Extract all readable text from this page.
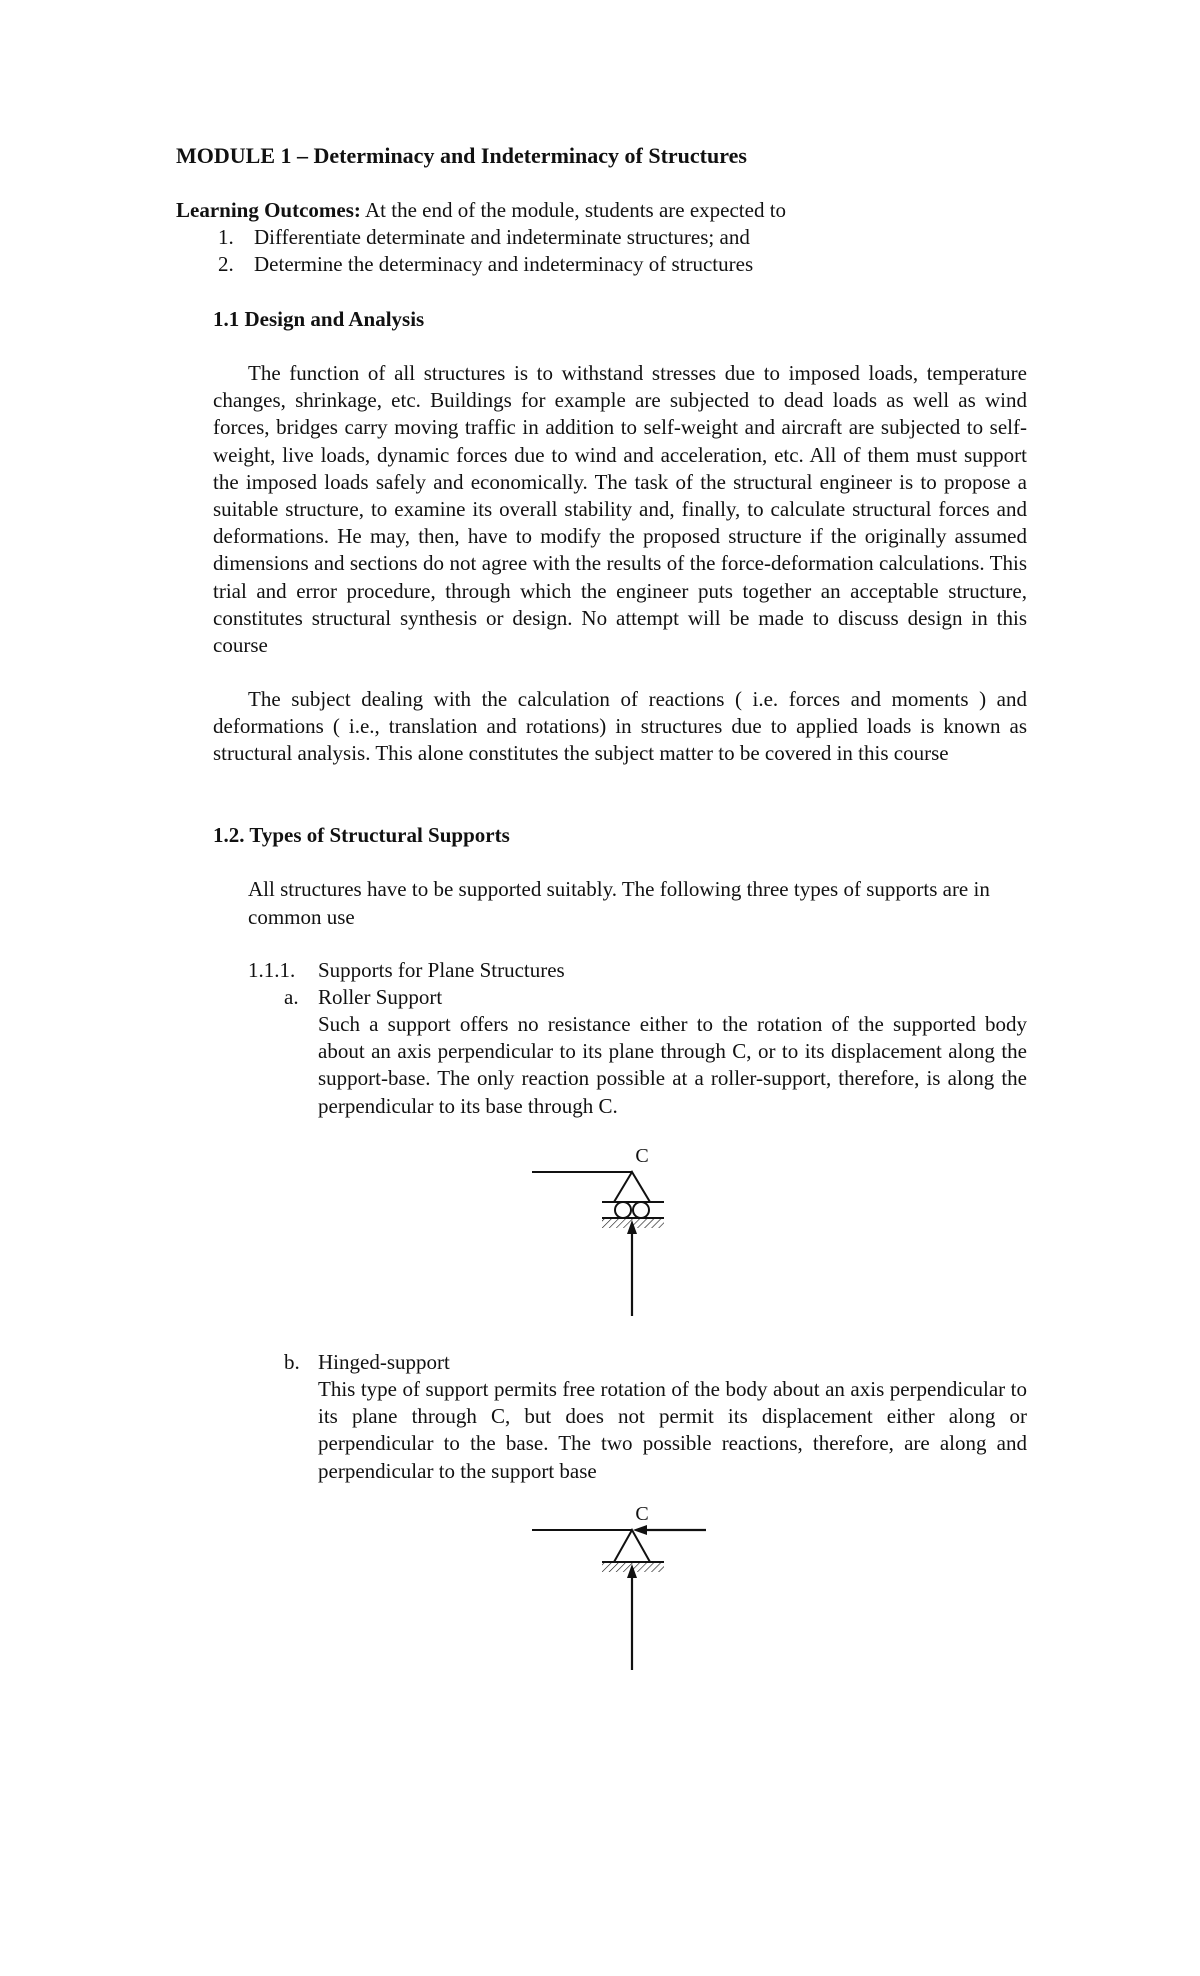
MODULE 1 – Determinacy and Indeterminacy of Structures

Learning Outcomes: At the end of the module, students are expected to

1. Differentiate determinate and indeterminate structures; and

2. Determine the determinacy and indeterminacy of structures

1.1 Design and Analysis

The function of all structures is to withstand stresses due to imposed loads, temperature changes, shrinkage, etc. Buildings for example are subjected to dead loads as well as wind forces, bridges carry moving traffic in addition to self-weight and aircraft are subjected to self-weight, live loads, dynamic forces due to wind and acceleration, etc. All of them must support the imposed loads safely and economically. The task of the structural engineer is to propose a suitable structure, to examine its overall stability and, finally, to calculate structural forces and deformations. He may, then, have to modify the proposed structure if the originally assumed dimensions and sections do not agree with the results of the force-deformation calculations. This trial and error procedure, through which the engineer puts together an acceptable structure, constitutes structural synthesis or design. No attempt will be made to discuss design in this course

The subject dealing with the calculation of reactions ( i.e. forces and moments ) and deformations ( i.e., translation and rotations) in structures due to applied loads is known as structural analysis. This alone constitutes the subject matter to be covered in this course

1.2. Types of Structural Supports

All structures have to be supported suitably. The following three types of supports are in common use

1.1.1. Supports for Plane Structures

a. Roller Support

Such a support offers no resistance either to the rotation of the supported body about an axis perpendicular to its plane through C, or to its displacement along the support-base. The only reaction possible at a roller-support, therefore, is along the perpendicular to its base through C.

C

b. Hinged-support

This type of support permits free rotation of the body about an axis perpendicular to its plane through C, but does not permit its displacement either along or perpendicular to the base. The two possible reactions, therefore, are along and perpendicular to the support base

C
